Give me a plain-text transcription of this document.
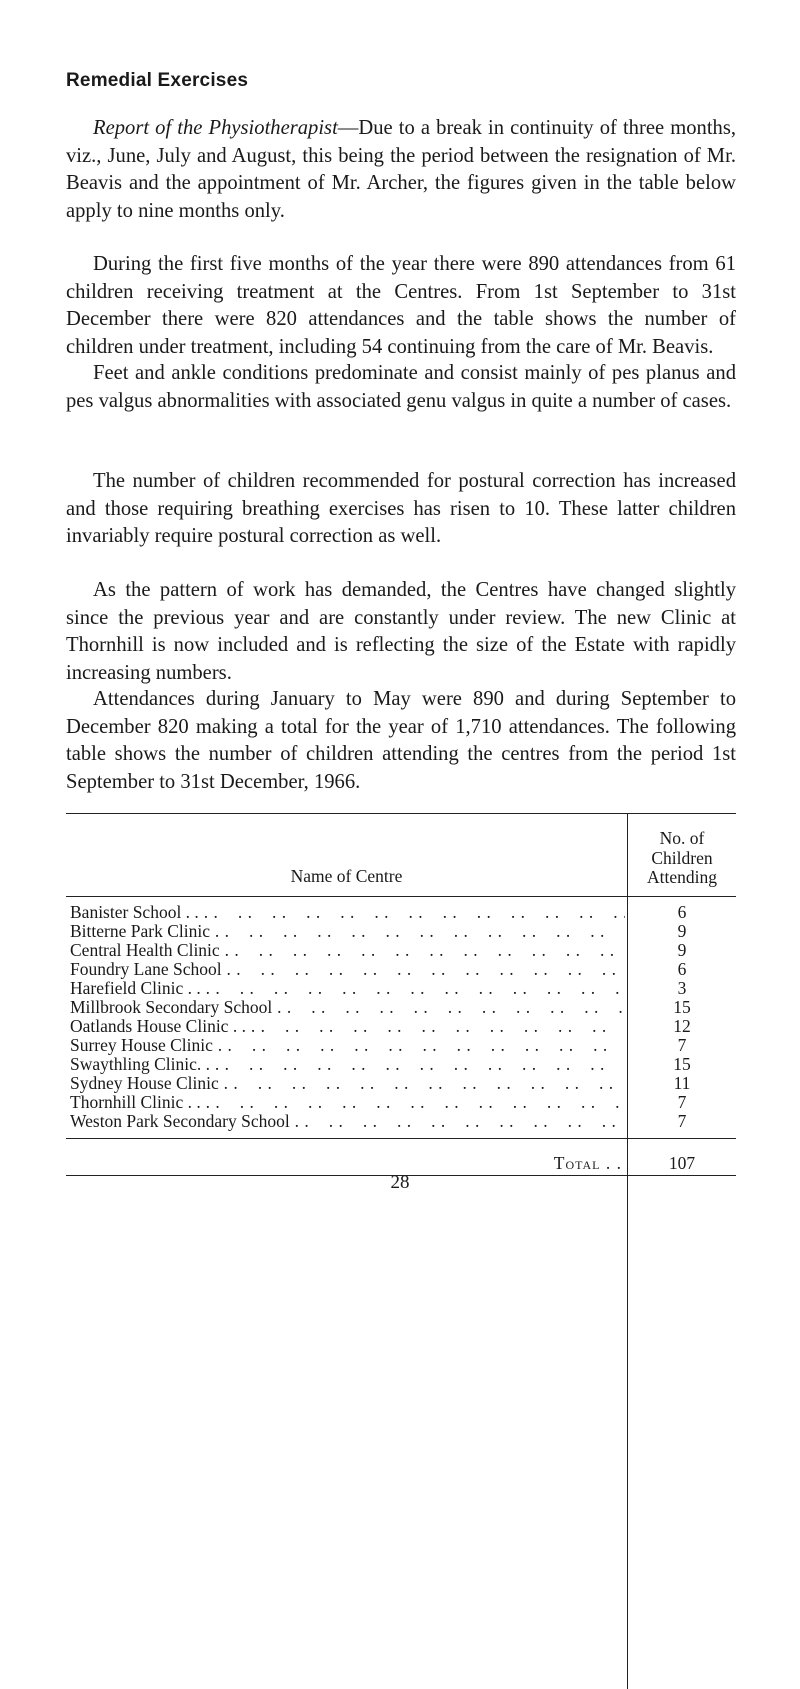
Remedial Exercises
Report of the Physiotherapist—Due to a break in continuity of three months, viz., June, July and August, this being the period between the resignation of Mr. Beavis and the appointment of Mr. Archer, the figures given in the table below apply to nine months only.
During the first five months of the year there were 890 attendances from 61 children receiving treatment at the Centres. From 1st September to 31st December there were 820 attendances and the table shows the number of children under treatment, including 54 continuing from the care of Mr. Beavis.
Feet and ankle conditions predominate and consist mainly of pes planus and pes valgus abnormalities with associated genu valgus in quite a number of cases.
The number of children recommended for postural correction has increased and those requiring breathing exercises has risen to 10. These latter children invariably require postural correction as well.
As the pattern of work has demanded, the Centres have changed slightly since the previous year and are constantly under review. The new Clinic at Thornhill is now included and is reflecting the size of the Estate with rapidly increasing numbers.
Attendances during January to May were 890 and during September to December 820 making a total for the year of 1,710 attendances. The following table shows the number of children attending the centres from the period 1st September to 31st December, 1966.
Name of Centre
No. of
Children
Attending
Banister School . . . .	6
Bitterne Park Clinic . .	9
Central Health Clinic . .	9
Foundry Lane School . .	6
Harefield Clinic . . . .	3
Millbrook Secondary School . .	15
Oatlands House Clinic . . . .	12
Surrey House Clinic . .	7
Swaythling Clinic. . . .	15
Sydney House Clinic . .	11
Thornhill Clinic . . . .	7
Weston Park Secondary School . .	7
Total . .	107
28
